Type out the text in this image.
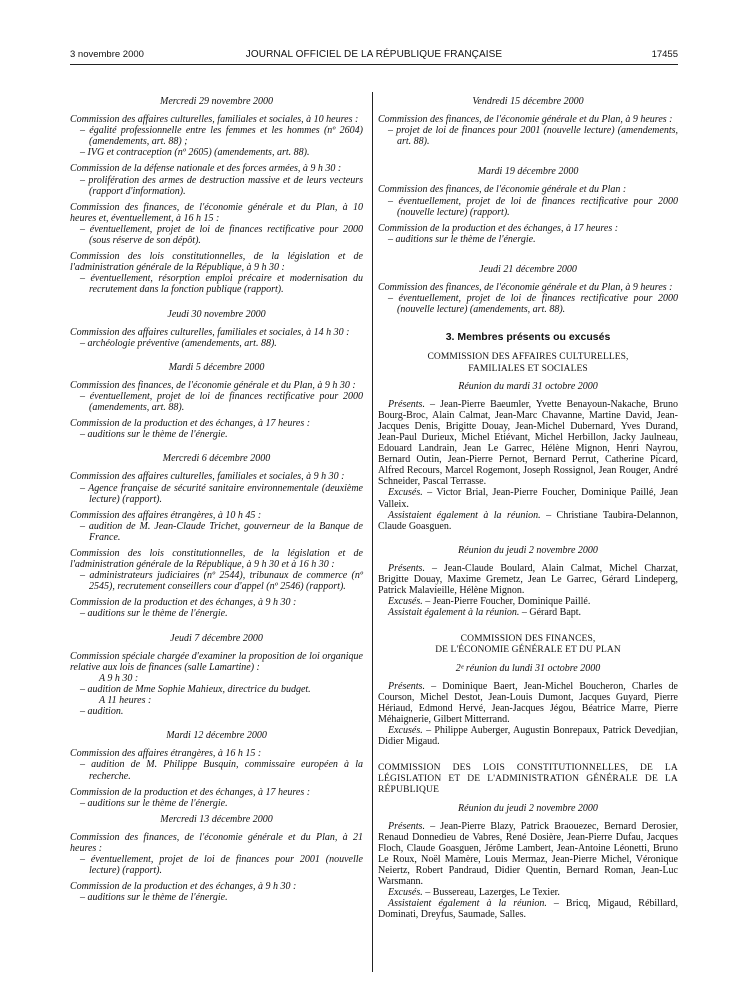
3 novembre 2000	JOURNAL OFFICIEL DE LA RÉPUBLIQUE FRANÇAISE	17455
Mercredi 29 novembre 2000
Commission des affaires culturelles, familiales et sociales, à 10 heures :
– égalité professionnelle entre les femmes et les hommes (nº 2604) (amendements, art. 88) ;
– IVG et contraception (nº 2605) (amendements, art. 88).
Commission de la défense nationale et des forces armées, à 9 h 30 :
– prolifération des armes de destruction massive et de leurs vecteurs (rapport d'information).
Commission des finances, de l'économie générale et du Plan, à 10 heures et, éventuellement, à 16 h 15 :
– éventuellement, projet de loi de finances rectificative pour 2000 (sous réserve de son dépôt).
Commission des lois constitutionnelles, de la législation et de l'administration générale de la République, à 9 h 30 :
– éventuellement, résorption emploi précaire et modernisation du recrutement dans la fonction publique (rapport).
Jeudi 30 novembre 2000
Commission des affaires culturelles, familiales et sociales, à 14 h 30 :
– archéologie préventive (amendements, art. 88).
Mardi 5 décembre 2000
Commission des finances, de l'économie générale et du Plan, à 9 h 30 :
– éventuellement, projet de loi de finances rectificative pour 2000 (amendements, art. 88).
Commission de la production et des échanges, à 17 heures :
– auditions sur le thème de l'énergie.
Mercredi 6 décembre 2000
Commission des affaires culturelles, familiales et sociales, à 9 h 30 :
– Agence française de sécurité sanitaire environnementale (deuxième lecture) (rapport).
Commission des affaires étrangères, à 10 h 45 :
– audition de M. Jean-Claude Trichet, gouverneur de la Banque de France.
Commission des lois constitutionnelles, de la législation et de l'administration générale de la République, à 9 h 30 et à 16 h 30 :
– administrateurs judiciaires (nº 2544), tribunaux de commerce (nº 2545), recrutement conseillers cour d'appel (nº 2546) (rapport).
Commission de la production et des échanges, à 9 h 30 :
– auditions sur le thème de l'énergie.
Jeudi 7 décembre 2000
Commission spéciale chargée d'examiner la proposition de loi organique relative aux lois de finances (salle Lamartine) :
A 9 h 30 :
– audition de Mme Sophie Mahieux, directrice du budget.
A 11 heures :
– audition.
Mardi 12 décembre 2000
Commission des affaires étrangères, à 16 h 15 :
– audition de M. Philippe Busquin, commissaire européen à la recherche.
Commission de la production et des échanges, à 17 heures :
– auditions sur le thème de l'énergie.
Mercredi 13 décembre 2000
Commission des finances, de l'économie générale et du Plan, à 21 heures :
– éventuellement, projet de loi de finances pour 2001 (nouvelle lecture) (rapport).
Commission de la production et des échanges, à 9 h 30 :
– auditions sur le thème de l'énergie.
Vendredi 15 décembre 2000
Commission des finances, de l'économie générale et du Plan, à 9 heures :
– projet de loi de finances pour 2001 (nouvelle lecture) (amendements, art. 88).
Mardi 19 décembre 2000
Commission des finances, de l'économie générale et du Plan :
– éventuellement, projet de loi de finances rectificative pour 2000 (nouvelle lecture) (rapport).
Commission de la production et des échanges, à 17 heures :
– auditions sur le thème de l'énergie.
Jeudi 21 décembre 2000
Commission des finances, de l'économie générale et du Plan, à 9 heures :
– éventuellement, projet de loi de finances rectificative pour 2000 (nouvelle lecture) (amendements, art. 88).
3. Membres présents ou excusés
COMMISSION DES AFFAIRES CULTURELLES,
FAMILIALES ET SOCIALES
Réunion du mardi 31 octobre 2000
Présents. – Jean-Pierre Baeumler, Yvette Benayoun-Nakache, Bruno Bourg-Broc, Alain Calmat, Jean-Marc Chavanne, Martine David, Jean-Jacques Denis, Brigitte Douay, Jean-Michel Dubernard, Yves Durand, Jean-Paul Durieux, Michel Etiévant, Michel Herbillon, Jacky Jaulneau, Edouard Landrain, Jean Le Garrec, Hélène Mignon, Henri Nayrou, Bernard Outin, Jean-Pierre Pernot, Bernard Perrut, Catherine Picard, Alfred Recours, Marcel Rogemont, Joseph Rossignol, Jean Rouger, André Schneider, Pascal Terrasse.
Excusés. – Victor Brial, Jean-Pierre Foucher, Dominique Paillé, Jean Valleix.
Assistaient également à la réunion. – Christiane Taubira-Delannon, Claude Goasguen.
Réunion du jeudi 2 novembre 2000
Présents. – Jean-Claude Boulard, Alain Calmat, Michel Charzat, Brigitte Douay, Maxime Gremetz, Jean Le Garrec, Gérard Lindeperg, Patrick Malavieille, Hélène Mignon.
Excusés. – Jean-Pierre Foucher, Dominique Paillé.
Assistait également à la réunion. – Gérard Bapt.
COMMISSION DES FINANCES,
DE L'ÉCONOMIE GÉNÉRALE ET DU PLAN
2ᵉ réunion du lundi 31 octobre 2000
Présents. – Dominique Baert, Jean-Michel Boucheron, Charles de Courson, Michel Destot, Jean-Louis Dumont, Jacques Guyard, Pierre Hériaud, Edmond Hervé, Jean-Jacques Jégou, Béatrice Marre, Pierre Méhaignerie, Gilbert Mitterrand.
Excusés. – Philippe Auberger, Augustin Bonrepaux, Patrick Devedjian, Didier Migaud.
COMMISSION DES LOIS CONSTITUTIONNELLES, DE LA LÉGISLATION ET DE L'ADMINISTRATION GÉNÉRALE DE LA RÉPUBLIQUE
Réunion du jeudi 2 novembre 2000
Présents. – Jean-Pierre Blazy, Patrick Braouezec, Bernard Derosier, Renaud Donnedieu de Vabres, René Dosière, Jean-Pierre Dufau, Jacques Floch, Claude Goasguen, Jérôme Lambert, Jean-Antoine Léonetti, Bruno Le Roux, Noël Mamère, Louis Mermaz, Jean-Pierre Michel, Véronique Neiertz, Robert Pandraud, Didier Quentin, Bernard Roman, Jean-Luc Warsmann.
Excusés. – Bussereau, Lazerges, Le Texier.
Assistaient également à la réunion. – Bricq, Migaud, Rébillard, Dominati, Dreyfus, Saumade, Salles.
